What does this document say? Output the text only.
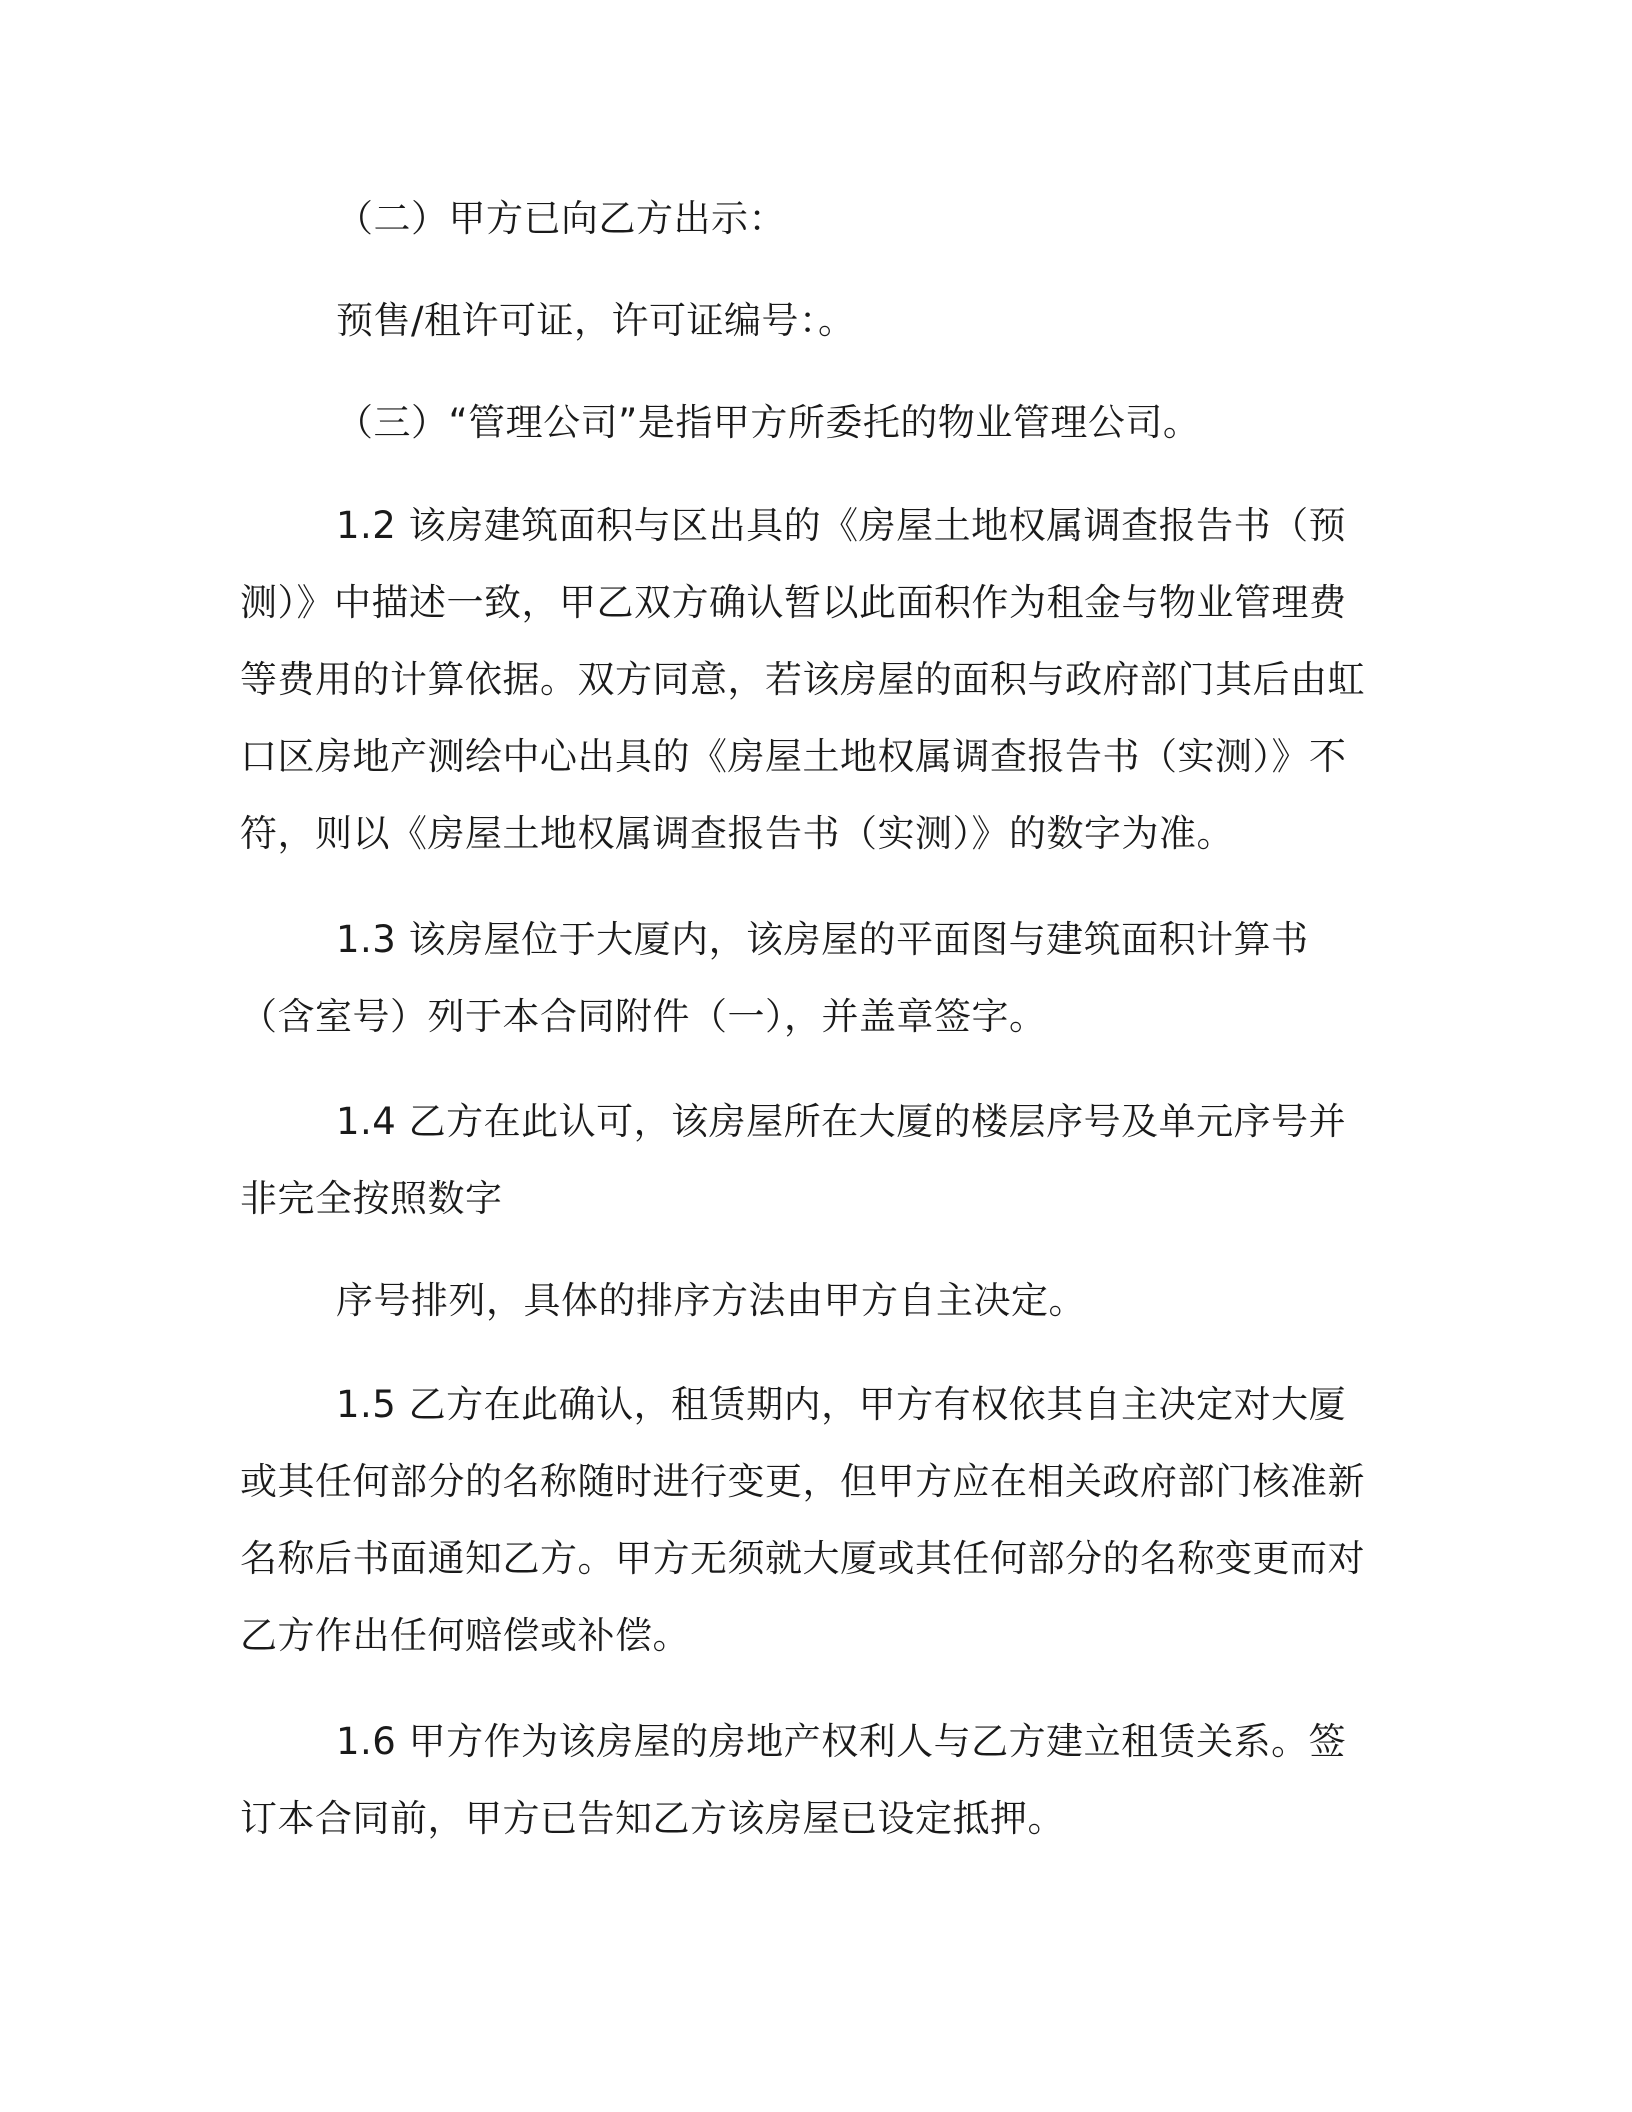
（二）甲方已向乙方出示：

预售/租许可证，许可证编号：。

（三）“管理公司”是指甲方所委托的物业管理公司。

1.2 该房建筑面积与区出具的《房屋土地权属调查报告书（预测）》中描述一致，甲乙双方确认暂以此面积作为租金与物业管理费等费用的计算依据。双方同意，若该房屋的面积与政府部门其后由虹口区房地产测绘中心出具的《房屋土地权属调查报告书（实测）》不符，则以《房屋土地权属调查报告书（实测）》的数字为准。

1.3 该房屋位于大厦内，该房屋的平面图与建筑面积计算书（含室号）列于本合同附件（一），并盖章签字。

1.4 乙方在此认可，该房屋所在大厦的楼层序号及单元序号并非完全按照数字

序号排列，具体的排序方法由甲方自主决定。

1.5 乙方在此确认，租赁期内，甲方有权依其自主决定对大厦或其任何部分的名称随时进行变更，但甲方应在相关政府部门核准新名称后书面通知乙方。甲方无须就大厦或其任何部分的名称变更而对乙方作出任何赔偿或补偿。

1.6 甲方作为该房屋的房地产权利人与乙方建立租赁关系。签订本合同前，甲方已告知乙方该房屋已设定抵押。
